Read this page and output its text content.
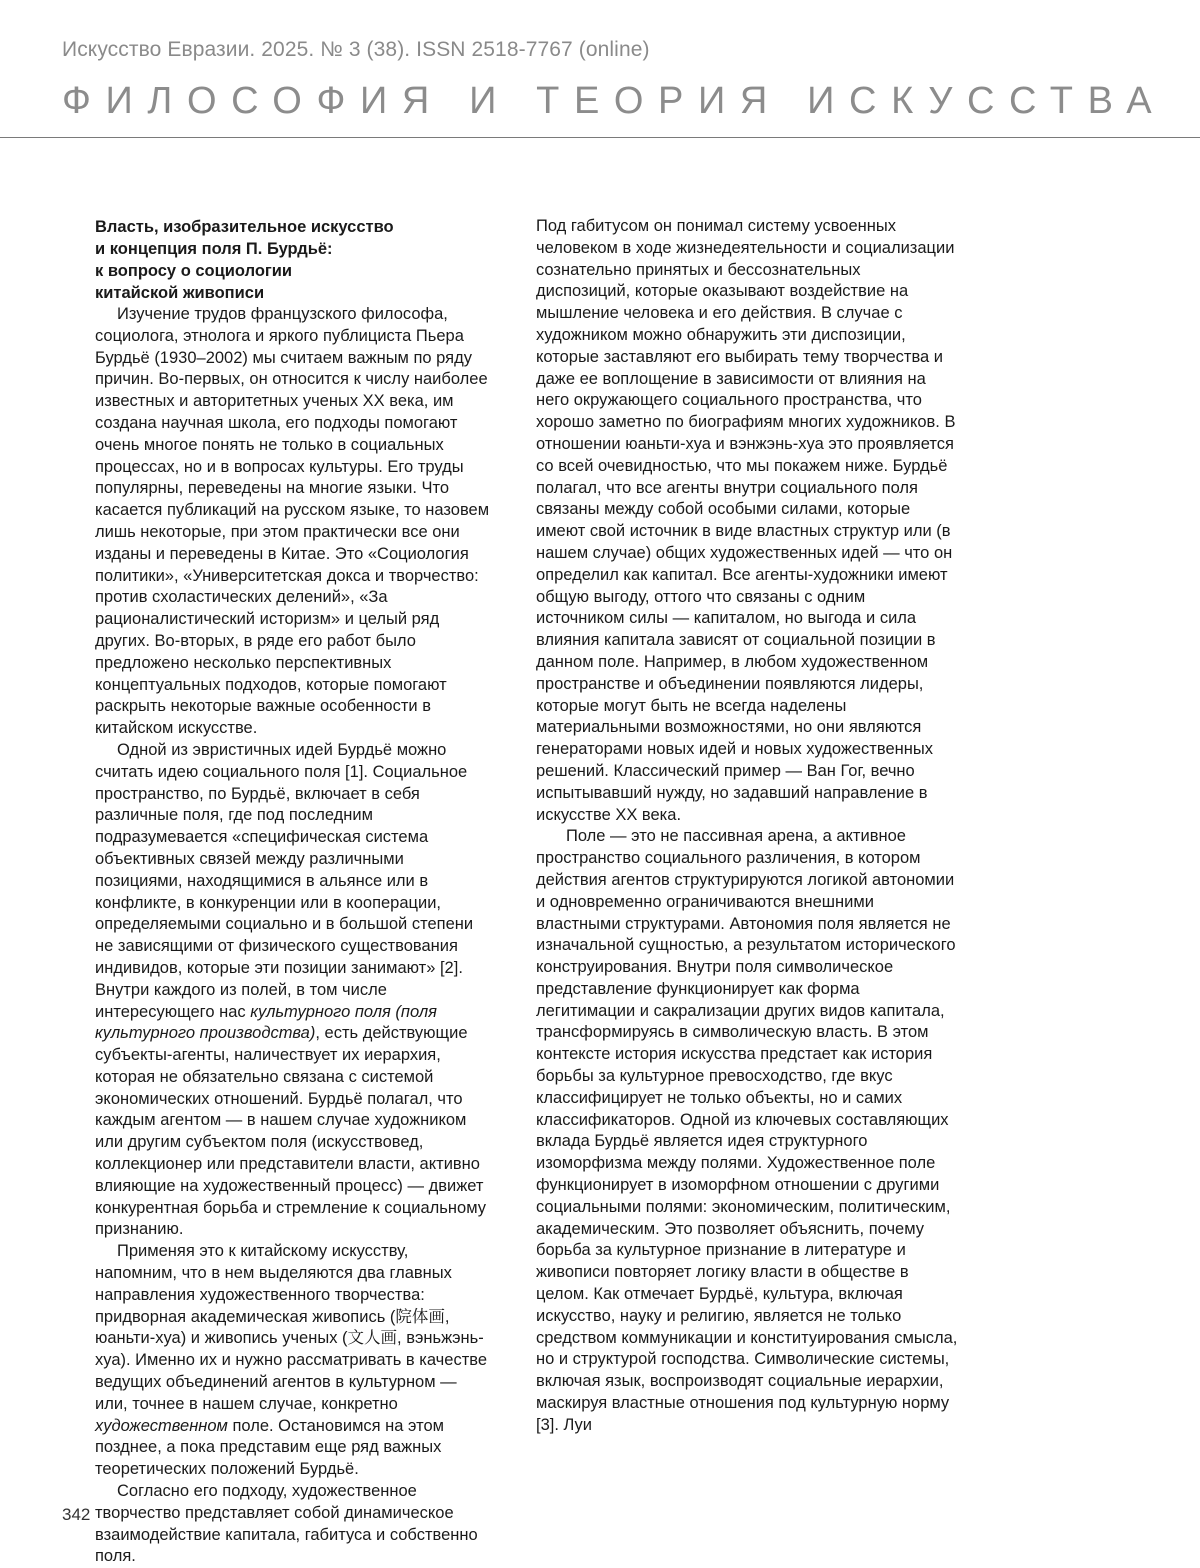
Искусство Евразии. 2025. № 3 (38). ISSN 2518-7767 (online)
ФИЛОСОФИЯ И ТЕОРИЯ ИСКУССТВА
Власть, изобразительное искусство
и концепция поля П. Бурдьё:
к вопросу о социологии
китайской живописи

Изучение трудов французского философа, социолога, этнолога и яркого публициста Пьера Бурдьё (1930–2002) мы считаем важным по ряду причин. Во-первых, он относится к числу наиболее известных и авторитетных ученых XX века, им создана научная школа, его подходы помогают очень многое понять не только в социальных процессах, но и в вопросах культуры. Его труды популярны, переведены на многие языки. Что касается публикаций на русском языке, то назовем лишь некоторые, при этом практически все они изданы и переведены в Китае. Это «Социология политики», «Университетская докса и творчество: против схоластических делений», «За рационалистический историзм» и целый ряд других. Во-вторых, в ряде его работ было предложено несколько перспективных концептуальных подходов, которые помогают раскрыть некоторые важные особенности в китайском искусстве.

Одной из эвристичных идей Бурдьё можно считать идею социального поля [1]. Социальное пространство, по Бурдьё, включает в себя различные поля, где под последним подразумевается «специфическая система объективных связей между различными позициями, находящимися в альянсе или в конфликте, в конкуренции или в кооперации, определяемыми социально и в большой степени не зависящими от физического существования индивидов, которые эти позиции занимают» [2]. Внутри каждого из полей, в том числе интересующего нас культурного поля (поля культурного производства), есть действующие субъекты-агенты, наличествует их иерархия, которая не обязательно связана с системой экономических отношений. Бурдьё полагал, что каждым агентом — в нашем случае художником или другим субъектом поля (искусствовед, коллекционер или представители власти, активно влияющие на художественный процесс) — движет конкурентная борьба и стремление к социальному признанию.

Применяя это к китайскому искусству, напомним, что в нем выделяются два главных направления художественного творчества: придворная академическая живопись (院体画, юаньти-хуа) и живопись ученых (文人画, вэньжэнь-хуа). Именно их и нужно рассматривать в качестве ведущих объединений агентов в культурном — или, точнее в нашем случае, конкретно художественном поле. Остановимся на этом позднее, а пока представим еще ряд важных теоретических положений Бурдьё.

Согласно его подходу, художественное творчество представляет собой динамическое взаимодействие капитала, габитуса и собственно поля.

Под габитусом он понимал систему усвоенных человеком в ходе жизнедеятельности и социализации сознательно принятых и бессознательных диспозиций, которые оказывают воздействие на мышление человека и его действия. В случае с художником можно обнаружить эти диспозиции, которые заставляют его выбирать тему творчества и даже ее воплощение в зависимости от влияния на него окружающего социального пространства, что хорошо заметно по биографиям многих художников. В отношении юаньти-хуа и вэнжэнь-хуа это проявляется со всей очевидностью, что мы покажем ниже. Бурдьё полагал, что все агенты внутри социального поля связаны между собой особыми силами, которые имеют свой источник в виде властных структур или (в нашем случае) общих художественных идей — что он определил как капитал. Все агенты-художники имеют общую выгоду, оттого что связаны с одним источником силы — капиталом, но выгода и сила влияния капитала зависят от социальной позиции в данном поле. Например, в любом художественном пространстве и объединении появляются лидеры, которые могут быть не всегда наделены материальными возможностями, но они являются генераторами новых идей и новых художественных решений. Классический пример — Ван Гог, вечно испытывавший нужду, но задавший направление в искусстве XX века.

Поле — это не пассивная арена, а активное пространство социального различения, в котором действия агентов структурируются логикой автономии и одновременно ограничиваются внешними властными структурами. Автономия поля является не изначальной сущностью, а результатом исторического конструирования. Внутри поля символическое представление функционирует как форма легитимации и сакрализации других видов капитала, трансформируясь в символическую власть. В этом контексте история искусства предстает как история борьбы за культурное превосходство, где вкус классифицирует не только объекты, но и самих классификаторов. Одной из ключевых составляющих вклада Бурдьё является идея структурного изоморфизма между полями. Художественное поле функционирует в изоморфном отношении с другими социальными полями: экономическим, политическим, академическим. Это позволяет объяснить, почему борьба за культурное признание в литературе и живописи повторяет логику власти в обществе в целом. Как отмечает Бурдьё, культура, включая искусство, науку и религию, является не только средством коммуникации и конституирования смысла, но и структурой господства. Символические системы, включая язык, воспроизводят социальные иерархии, маскируя властные отношения под культурную норму [3]. Луи

342
